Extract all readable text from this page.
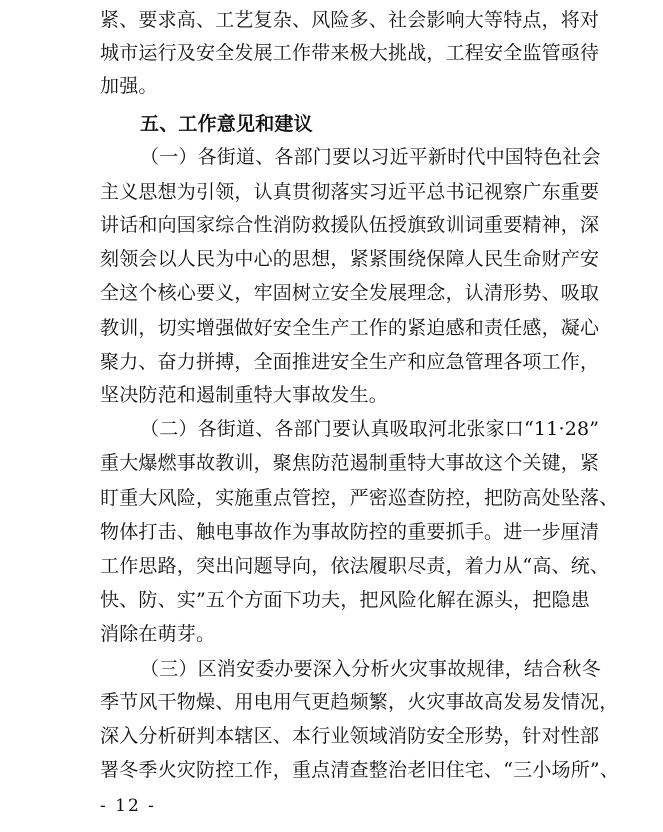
紧、要求高、工艺复杂、风险多、社会影响大等特点，将对
城市运行及安全发展工作带来极大挑战，工程安全监管亟待
加强。
五、工作意见和建议
（一）各街道、各部门要以习近平新时代中国特色社会
主义思想为引领，认真贯彻落实习近平总书记视察广东重要
讲话和向国家综合性消防救援队伍授旗致训词重要精神，深
刻领会以人民为中心的思想，紧紧围绕保障人民生命财产安
全这个核心要义，牢固树立安全发展理念，认清形势、吸取
教训，切实增强做好安全生产工作的紧迫感和责任感，凝心
聚力、奋力拼搏，全面推进安全生产和应急管理各项工作，
坚决防范和遏制重特大事故发生。
（二）各街道、各部门要认真吸取河北张家口“11·28”
重大爆燃事故教训，聚焦防范遏制重特大事故这个关键，紧
盯重大风险，实施重点管控，严密巡查防控，把防高处坠落、
物体打击、触电事故作为事故防控的重要抓手。进一步厘清
工作思路，突出问题导向，依法履职尽责，着力从“高、统、
快、防、实”五个方面下功夫，把风险化解在源头，把隐患
消除在萌芽。
（三）区消安委办要深入分析火灾事故规律，结合秋冬
季节风干物燥、用电用气更趋频繁，火灾事故高发易发情况，
深入分析研判本辖区、本行业领域消防安全形势，针对性部
署冬季火灾防控工作，重点清查整治老旧住宅、“三小场所”、
- 12 -
